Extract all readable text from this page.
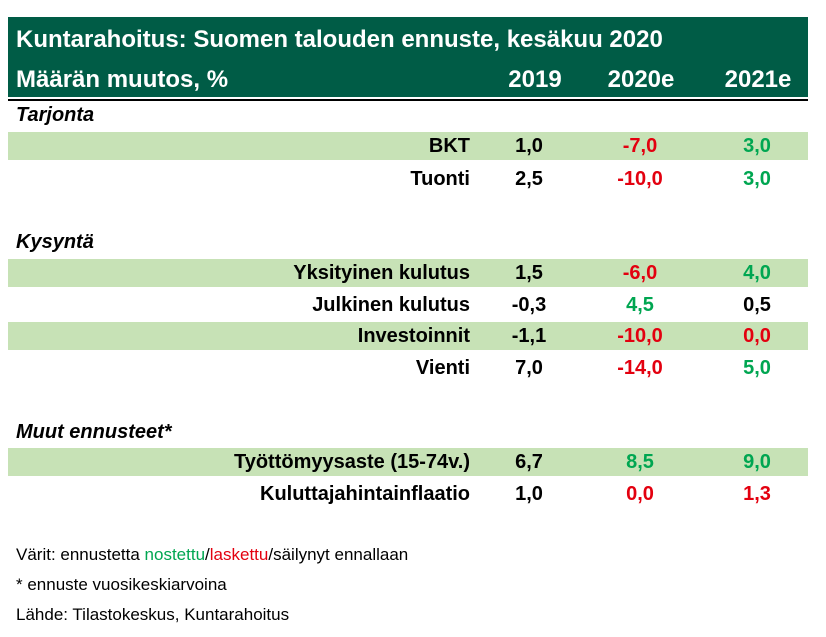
Kuntarahoitus: Suomen talouden ennuste, kesäkuu 2020
Määrän muutos, %	2019	2020e	2021e
Tarjonta
BKT	1,0	-7,0	3,0
Tuonti	2,5	-10,0	3,0
Kysyntä
Yksityinen kulutus	1,5	-6,0	4,0
Julkinen kulutus	-0,3	4,5	0,5
Investoinnit	-1,1	-10,0	0,0
Vienti	7,0	-14,0	5,0
Muut ennusteet*
Työttömyysaste (15-74v.)	6,7	8,5	9,0
Kuluttajahintainflaatio	1,0	0,0	1,3
Värit: ennustetta nostettu/laskettu/säilynyt ennallaan
* ennuste vuosikeskiarvoina
Lähde: Tilastokeskus, Kuntarahoitus
